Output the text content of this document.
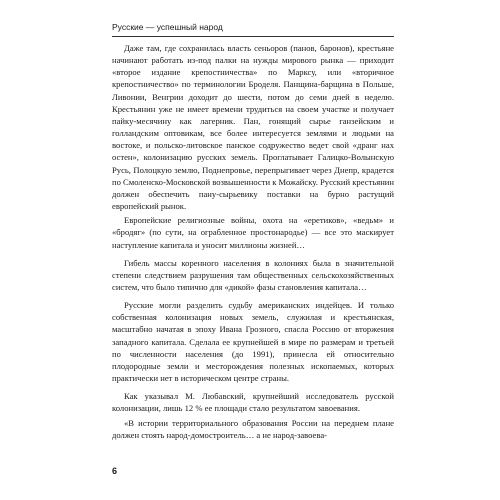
Русские — успешный народ

Даже там, где сохранилась власть сеньоров (панов, баронов), крестьяне начинают работать из-под палки на нужды мирового рынка — приходит «второе издание крепостничества» по Марксу, или «вторичное крепостничество» по терминологии Броделя. Панщина-барщина в Польше, Ливонии, Венгрии доходит до шести, потом до семи дней в неделю. Крестьянин уже не имеет времени трудиться на своем участке и получает пайку-месячину как лагерник. Пан, гонящий сырье ганзейским и голландским оптовикам, все более интересуется землями и людьми на востоке, и польско-литовское панское содружество ведет свой «дранг нах остен», колонизацию русских земель. Проглатывает Галицко-Волынскую Русь, Полоцкую землю, Поднепровье, перепрыгивает через Днепр, крадется по Смоленско-Московской возвышенности к Можайску. Русский крестьянин должен обеспечить пану-сырьевику поставки на бурно растущий европейский рынок.

Европейские религиозные войны, охота на «еретиков», «ведьм» и «бродяг» (по сути, на ограбленное простонародье) — все это маскирует наступление капитала и уносит миллионы жизней…

Гибель массы коренного населения в колониях была в значительной степени следствием разрушения там общественных сельскохозяйственных систем, что было типично для «дикой» фазы становления капитала…

Русские могли разделить судьбу американских индейцев. И только собственная колонизация новых земель, служилая и крестьянская, масштабно начатая в эпоху Ивана Грозного, спасла Россию от вторжения западного капитала. Сделала ее крупнейшей в мире по размерам и третьей по численности населения (до 1991), принесла ей относительно плодородные земли и месторождения полезных ископаемых, которых практически нет в историческом центре страны.

Как указывал М. Любавский, крупнейший исследователь русской колонизации, лишь 12 % ее площади стало результатом завоевания.

«В истории территориального образования России на переднем плане должен стоять народ-домостроитель… а не народ-завоева-

6
